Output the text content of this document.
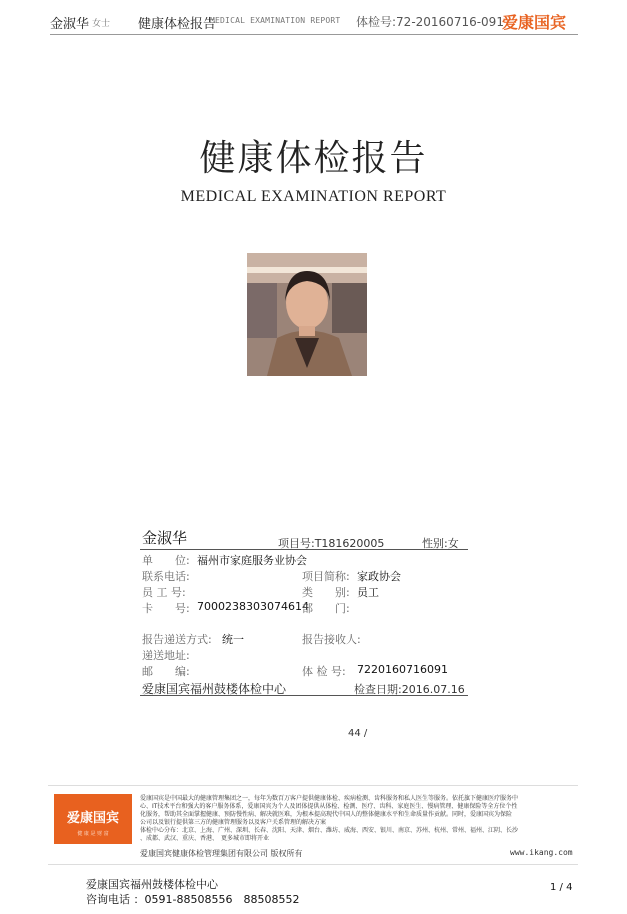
金淑华 女士 健康体检报告
MEDICAL EXAMINATION REPORT 体检号:72-20160716-091
爱康国宾
健康体检报告
MEDICAL EXAMINATION REPORT
金淑华	项目号:T181620005	性别:女
单　　位: 福州市家庭服务业协会
联系电话:	项目简称: 家政协会
员 工 号:	类　　别: 员工
卡　　号: 7000238303074614
部　　门:
报告递送方式: 统一	报告接收人:
递送地址:
邮　　编:	体 检 号: 7220160716091
爱康国宾福州鼓楼体检中心	检查日期:2016.07.16
44 /
爱康国宾
健 康 是 财 富
爱康国宾是中国最大的健康管理集团之一，每年为数百万客户提供健康体检、疾病检测、齿科服务和私人医生等服务。依托旗下健康医疗服务中
心、IT技术平台和强大的客户服务体系，爱康国宾为个人及团体提供从体检、检测、医疗、齿科、家庭医生、慢病管理、健康保险等全方位个性
化服务，帮助其全面掌握健康、预防慢性病、解决就医难，为根本提高现代中国人的整体健康水平和生命质量作贡献。同时，爱康国宾为保险
公司以及银行提供第三方的健康管理服务以及客户关系管理的解决方案
体检中心分布：北京、上海、广州、深圳、长春、沈阳、天津、烟台、潍坊、威海、西安、银川、南京、苏州、杭州、常州、福州、江阴、长沙
、成都、武汉、重庆、香港、　更多城市即将开业
爱康国宾健康体检管理集团有限公司 版权所有	www.ikang.com
爱康国宾福州鼓楼体检中心
咨询电话 ：0591-88508556　88508552
1 / 4
